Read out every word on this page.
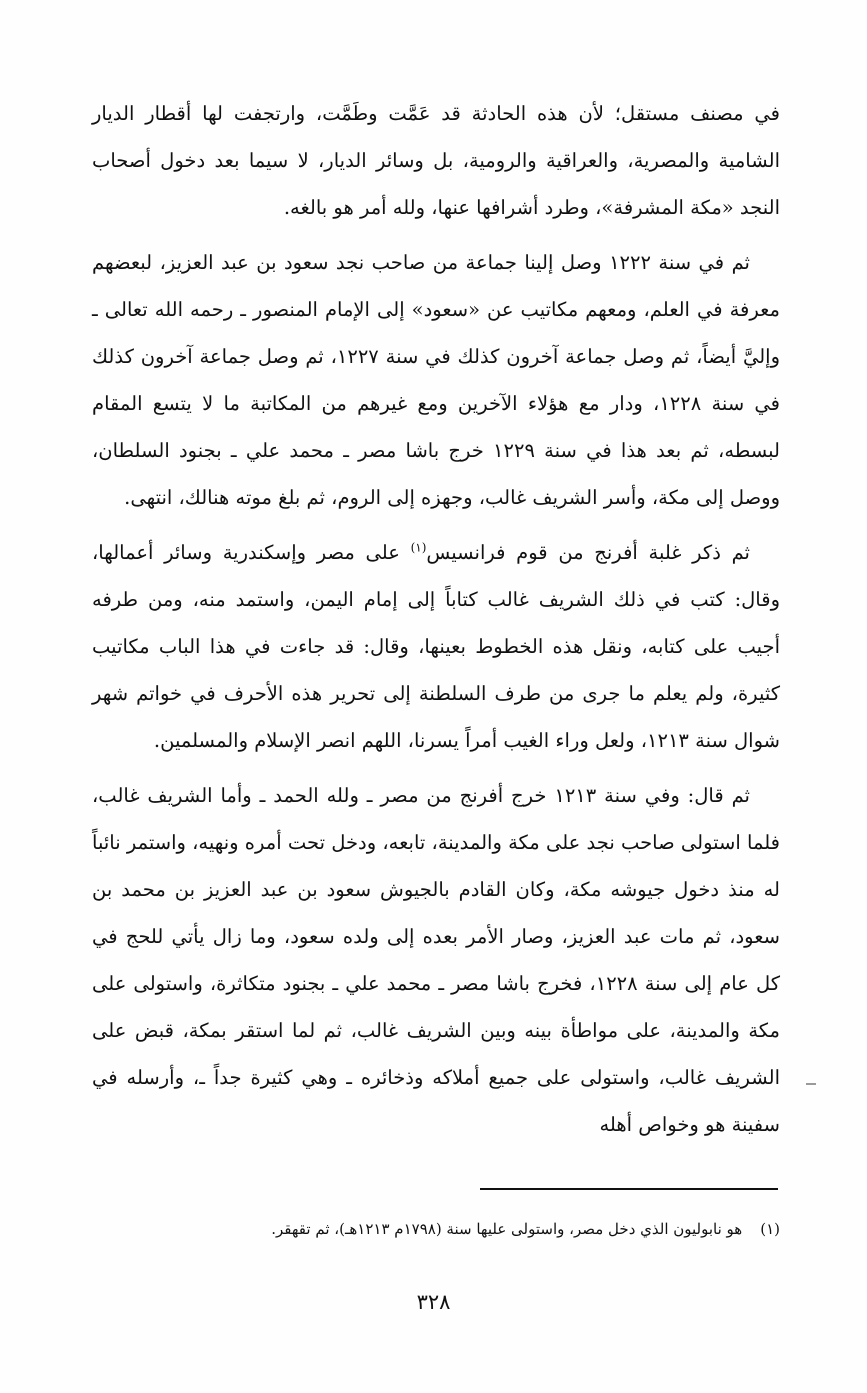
في مصنف مستقل؛ لأن هذه الحادثة قد عَمَّت وطَمَّت، وارتجفت لها أقطار الديار الشامية والمصرية، والعراقية والرومية، بل وسائر الديار، لا سيما بعد دخول أصحاب النجد «مكة المشرفة»، وطرد أشرافها عنها، ولله أمر هو بالغه.

ثم في سنة ١٢٢٢ وصل إلينا جماعة من صاحب نجد سعود بن عبد العزيز، لبعضهم معرفة في العلم، ومعهم مكاتيب عن «سعود» إلى الإمام المنصور ـ رحمه الله تعالى ـ وإليَّ أيضاً، ثم وصل جماعة آخرون كذلك في سنة ١٢٢٧، ثم وصل جماعة آخرون كذلك في سنة ١٢٢٨، ودار مع هؤلاء الآخرين ومع غيرهم من المكاتبة ما لا يتسع المقام لبسطه، ثم بعد هذا في سنة ١٢٢٩ خرج باشا مصر ـ محمد علي ـ بجنود السلطان، ووصل إلى مكة، وأسر الشريف غالب، وجهزه إلى الروم، ثم بلغ موته هنالك، انتهى.

ثم ذكر غلبة أفرنج من قوم فرانسيس$^{(١)}$ على مصر وإسكندرية وسائر أعمالها، وقال: كتب في ذلك الشريف غالب كتاباً إلى إمام اليمن، واستمد منه، ومن طرفه أجيب على كتابه، ونقل هذه الخطوط بعينها، وقال: قد جاءت في هذا الباب مكاتيب كثيرة، ولم يعلم ما جرى من طرف السلطنة إلى تحرير هذه الأحرف في خواتم شهر شوال سنة ١٢١٣، ولعل وراء الغيب أمراً يسرنا، اللهم انصر الإسلام والمسلمين.

ثم قال: وفي سنة ١٢١٣ خرج أفرنج من مصر ـ ولله الحمد ـ وأما الشريف غالب، فلما استولى صاحب نجد على مكة والمدينة، تابعه، ودخل تحت أمره ونهيه، واستمر نائباً له منذ دخول جيوشه مكة، وكان القادم بالجيوش سعود بن عبد العزيز بن محمد بن سعود، ثم مات عبد العزيز، وصار الأمر بعده إلى ولده سعود، وما زال يأتي للحج في كل عام إلى سنة ١٢٢٨، فخرج باشا مصر ـ محمد علي ـ بجنود متكاثرة، واستولى على مكة والمدينة، على مواطأة بينه وبين الشريف غالب، ثم لما استقر بمكة، قبض على الشريف غالب، واستولى على جميع أملاكه وذخائره ـ وهي كثيرة جداً ـ، وأرسله في سفينة هو وخواص أهله

(١)هو نابوليون الذي دخل مصر، واستولى عليها سنة (١٧٩٨م ١٢١٣هـ)، ثم تقهقر.
٣٢٨
